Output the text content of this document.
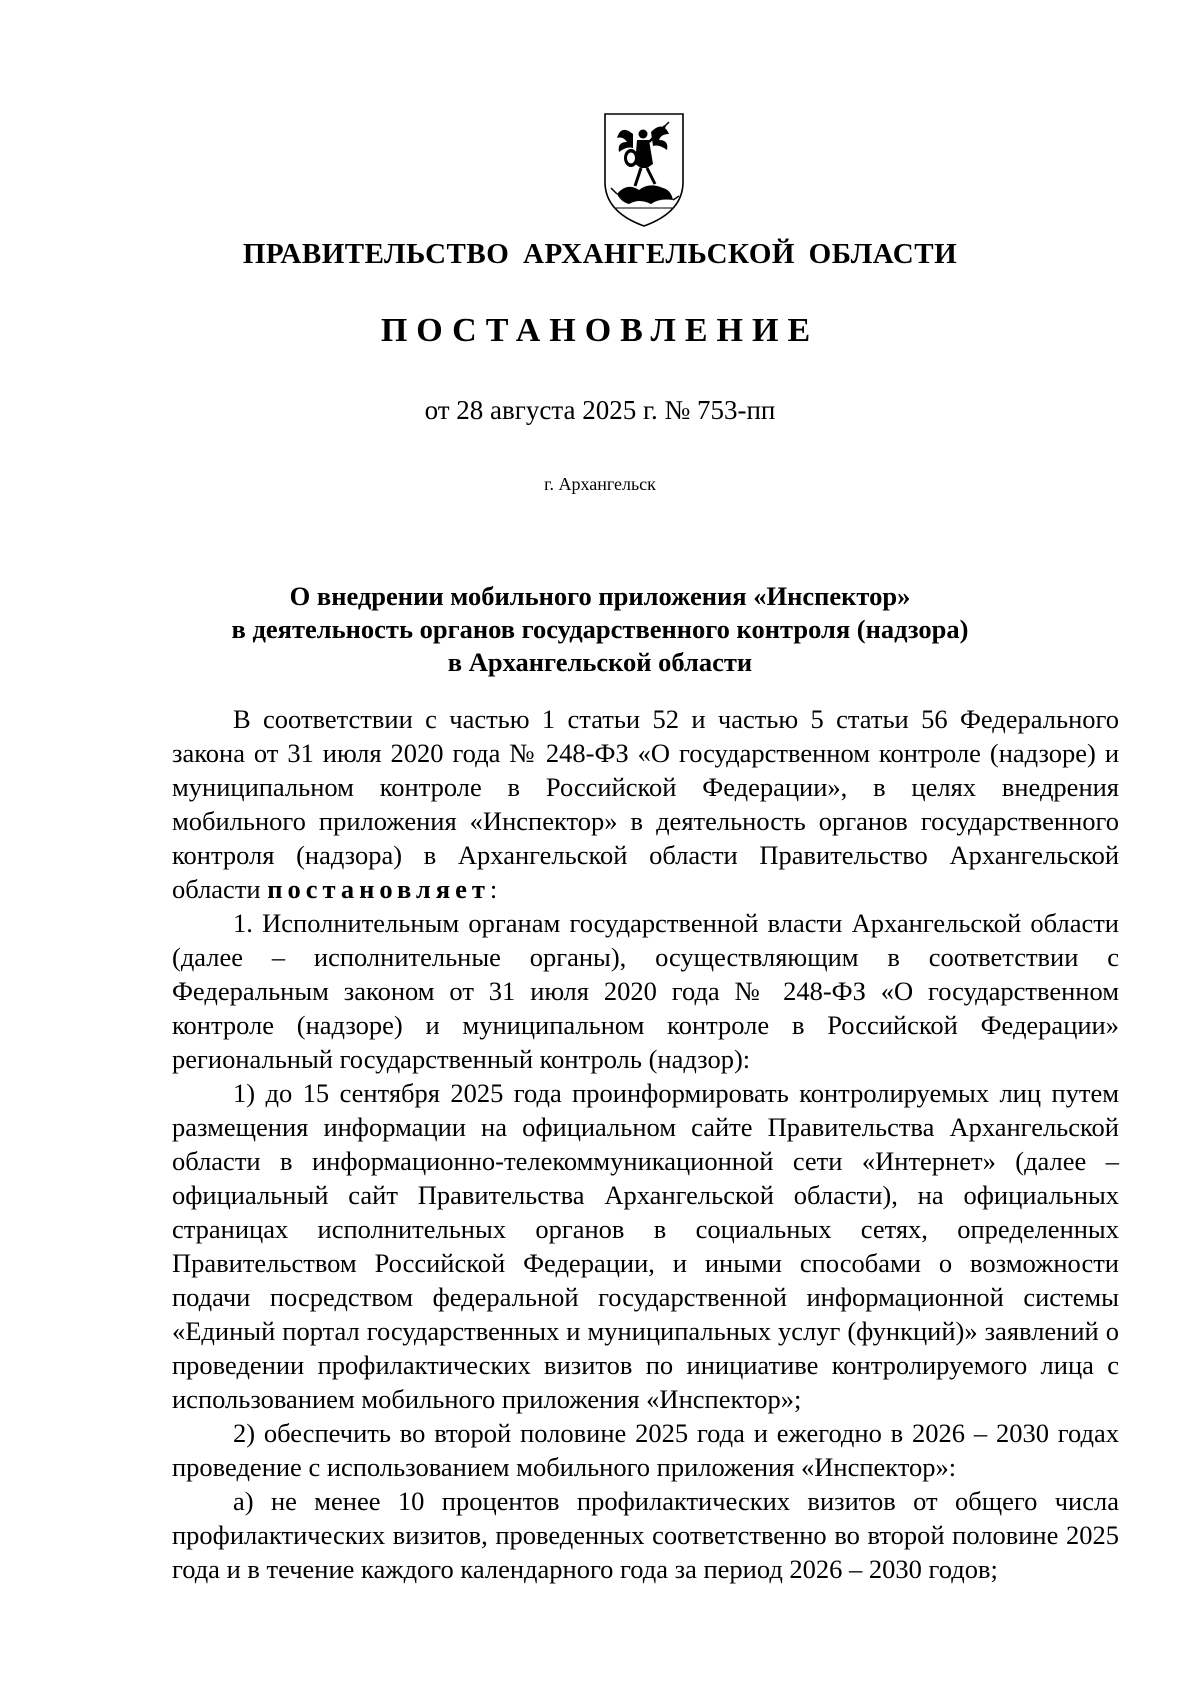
ПРАВИТЕЛЬСТВО АРХАНГЕЛЬСКОЙ ОБЛАСТИ
ПОСТАНОВЛЕНИЕ
от 28 августа 2025 г. № 753-пп
г. Архангельск
О внедрении мобильного приложения «Инспектор»
в деятельность органов государственного контроля (надзора)
в Архангельской области

В соответствии с частью 1 статьи 52 и частью 5 статьи 56 Федерального закона от 31 июля 2020 года № 248-ФЗ «О государственном контроле (надзоре) и муниципальном контроле в Российской Федерации», в целях внедрения мобильного приложения «Инспектор» в деятельность органов государственного контроля (надзора) в Архангельской области Правительство Архангельской области постановляет:

1. Исполнительным органам государственной власти Архангельской области (далее – исполнительные органы), осуществляющим в соответствии с Федеральным законом от 31 июля 2020 года № 248-ФЗ «О государственном контроле (надзоре) и муниципальном контроле в Российской Федерации» региональный государственный контроль (надзор):

1) до 15 сентября 2025 года проинформировать контролируемых лиц путем размещения информации на официальном сайте Правительства Архангельской области в информационно-телекоммуникационной сети «Интернет» (далее – официальный сайт Правительства Архангельской области), на официальных страницах исполнительных органов в социальных сетях, определенных Правительством Российской Федерации, и иными способами о возможности подачи посредством федеральной государственной информационной системы «Единый портал государственных и муниципальных услуг (функций)» заявлений о проведении профилактических визитов по инициативе контролируемого лица с использованием мобильного приложения «Инспектор»;

2) обеспечить во второй половине 2025 года и ежегодно в 2026 – 2030 годах проведение с использованием мобильного приложения «Инспектор»:

а) не менее 10 процентов профилактических визитов от общего числа профилактических визитов, проведенных соответственно во второй половине 2025 года и в течение каждого календарного года за период 2026 – 2030 годов;
